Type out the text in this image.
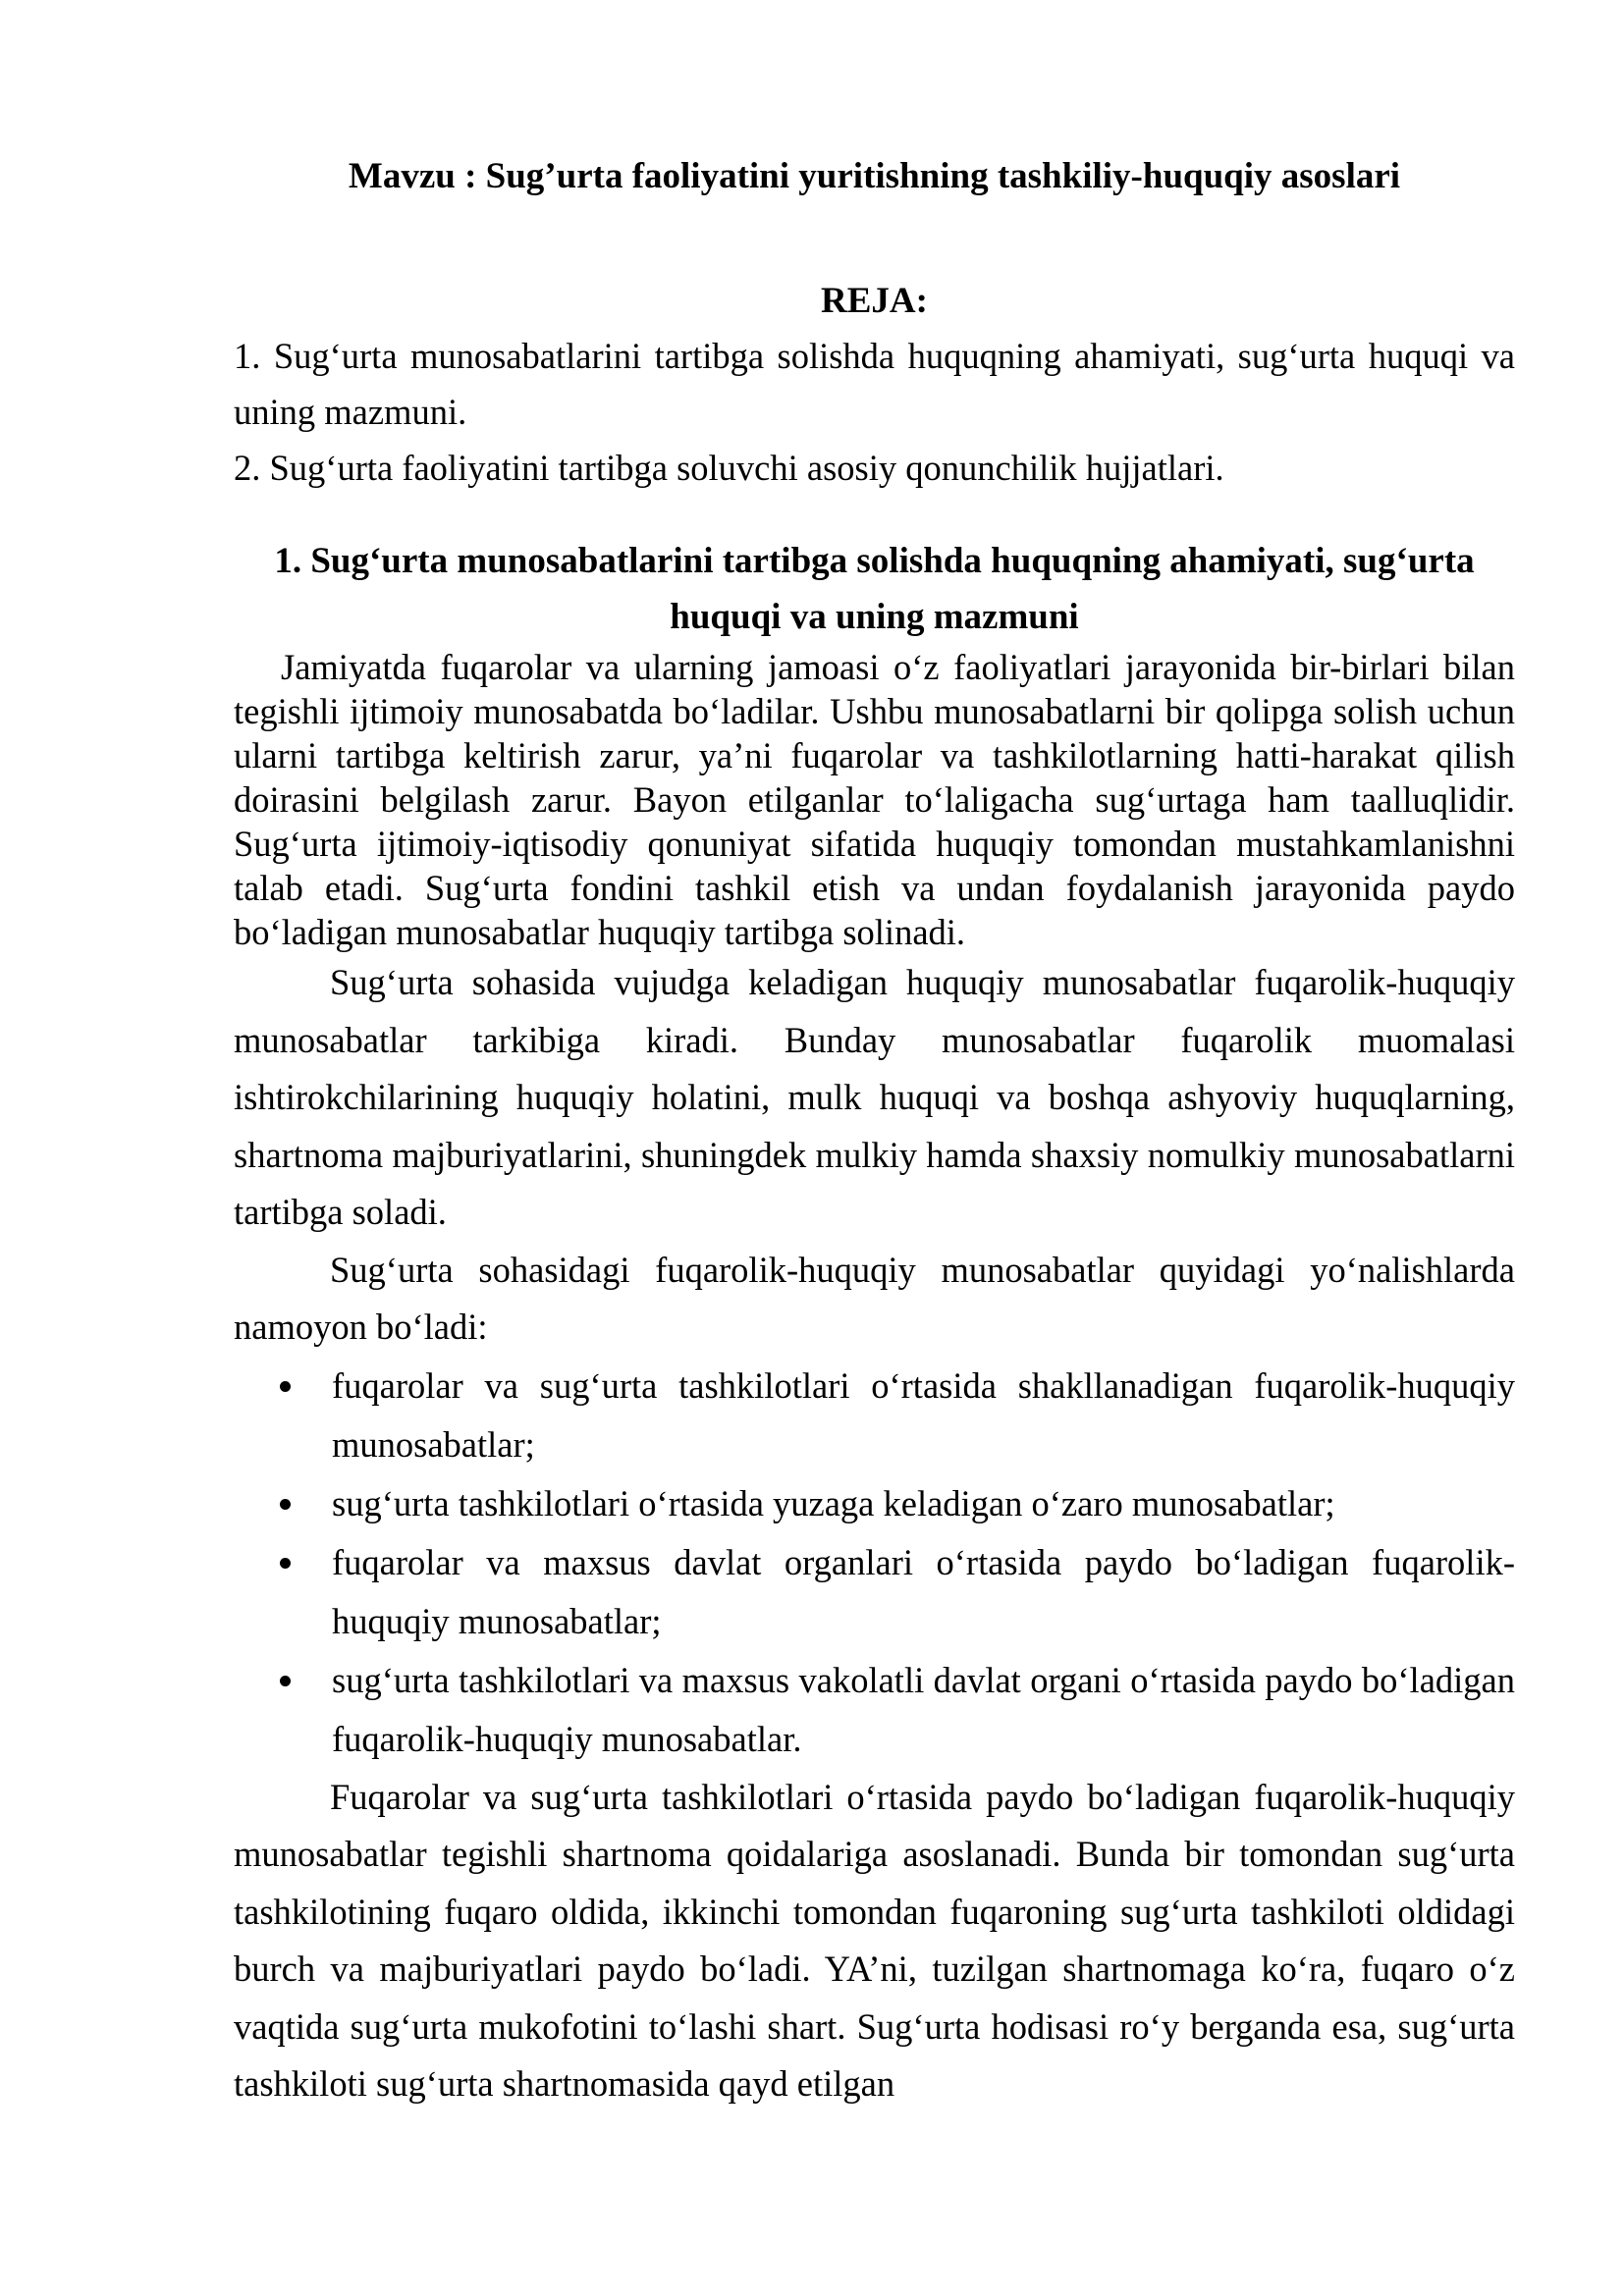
Mavzu : Sug’urta faoliyatini yuritishning tashkiliy-huquqiy asoslari
REJA:

1. Sug‘urta munosabatlarini tartibga solishda huquqning ahamiyati, sug‘urta huquqi va uning mazmuni.

2. Sug‘urta faoliyatini tartibga soluvchi asosiy qonunchilik hujjatlari.

1. Sug‘urta munosabatlarini tartibga solishda huquqning ahamiyati, sug‘urta huquqi va uning mazmuni

Jamiyatda fuqarolar va ularning jamoasi o‘z faoliyatlari jarayonida bir-birlari bilan tegishli ijtimoiy munosabatda bo‘ladilar. Ushbu munosabatlarni bir qolipga solish uchun ularni tartibga keltirish zarur, ya’ni fuqarolar va tashkilotlarning hatti-harakat qilish doirasini belgilash zarur. Bayon etilganlar to‘laligacha sug‘urtaga ham taalluqlidir. Sug‘urta ijtimoiy-iqtisodiy qonuniyat sifatida huquqiy tomondan mustahkamlanishni talab etadi. Sug‘urta fondini tashkil etish va undan foydalanish jarayonida paydo bo‘ladigan munosabatlar huquqiy tartibga solinadi.

Sug‘urta sohasida vujudga keladigan huquqiy munosabatlar fuqarolik-huquqiy munosabatlar tarkibiga kiradi. Bunday munosabatlar fuqarolik muomalasi ishtirokchilarining huquqiy holatini, mulk huquqi va boshqa ashyoviy huquqlarning, shartnoma majburiyatlarini, shuningdek mulkiy hamda shaxsiy nomulkiy munosabatlarni tartibga soladi.

Sug‘urta sohasidagi fuqarolik-huquqiy munosabatlar quyidagi yo‘nalishlarda namoyon bo‘ladi:

fuqarolar va sug‘urta tashkilotlari o‘rtasida shakllanadigan fuqarolik-huquqiy munosabatlar;
sug‘urta tashkilotlari o‘rtasida yuzaga keladigan o‘zaro munosabatlar;
fuqarolar va maxsus davlat organlari o‘rtasida paydo bo‘ladigan fuqarolik-huquqiy munosabatlar;
sug‘urta tashkilotlari va maxsus vakolatli davlat organi o‘rtasida paydo bo‘ladigan fuqarolik-huquqiy munosabatlar.

Fuqarolar va sug‘urta tashkilotlari o‘rtasida paydo bo‘ladigan fuqarolik-huquqiy munosabatlar tegishli shartnoma qoidalariga asoslanadi. Bunda bir tomondan sug‘urta tashkilotining fuqaro oldida, ikkinchi tomondan fuqaroning sug‘urta tashkiloti oldidagi burch va majburiyatlari paydo bo‘ladi. YA’ni, tuzilgan shartnomaga ko‘ra, fuqaro o‘z vaqtida sug‘urta mukofotini to‘lashi shart. Sug‘urta hodisasi ro‘y berganda esa, sug‘urta tashkiloti sug‘urta shartnomasida qayd etilgan
